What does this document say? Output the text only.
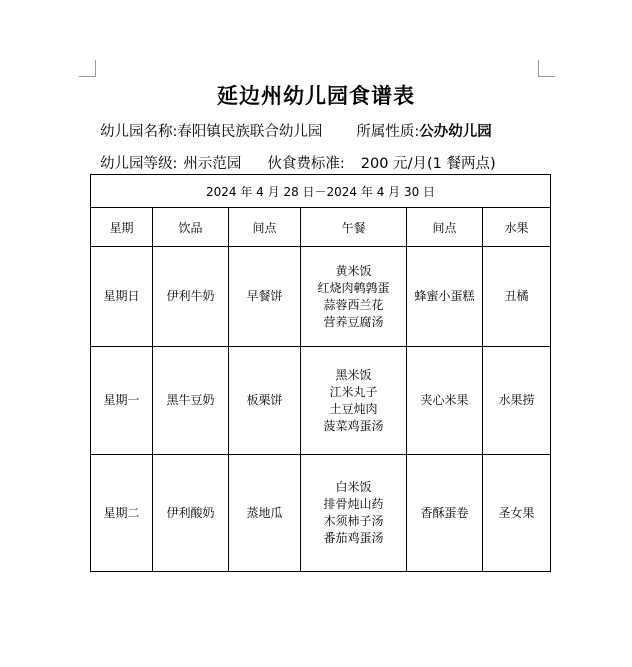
延边州幼儿园食谱表
幼儿园名称:春阳镇民族联合幼儿园 所属性质:公办幼儿园
幼儿园等级: 州示范园 伙食费标准: 200 元/月(1 餐两点)
2024 年 4 月 28 日－2024 年 4 月 30 日					
星期	饮品	间点	午餐	间点	水果
星期日	伊利牛奶	早餐饼	黄米饭
红烧肉鹌鹑蛋
蒜蓉西兰花
营养豆腐汤	蜂蜜小蛋糕	丑橘
星期一	黑牛豆奶	板栗饼	黑米饭
江米丸子
土豆炖肉
菠菜鸡蛋汤	夹心米果	水果捞
星期二	伊利酸奶	蒸地瓜	白米饭
排骨炖山药
木须柿子汤
番茄鸡蛋汤	香酥蛋卷	圣女果
